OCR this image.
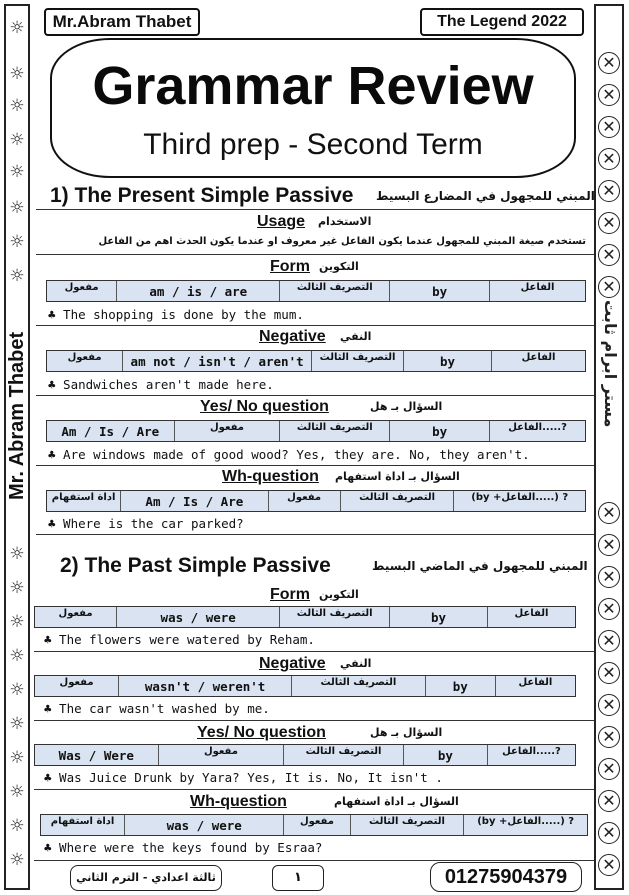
☼
☼
☼
☼
☼
☼
☼
☼
☼
☼
☼
☼
☼
☼
☼
☼
☼
☼
✕
✕
✕
✕
✕
✕
✕
✕
✕
✕
✕
✕
✕
✕
✕
✕
✕
✕
✕
✕
مستر ابرام ثابت
Mr.Abram Thabet	The Legend 2022
Grammar Review
Third prep - Second Term
1) The Present Simple Passive المبني للمجهول في المضارع البسيط
Usage الاستخدام
تستخدم صيغة المبني للمجهول عندما يكون الفاعل غير معروف او عندما يكون الحدث اهم من الفاعل
Form التكوين
مفعول	am / is / are	التصريف الثالث	by	الفاعل
♣ The shopping is done by the mum.
Negative النفي
مفعول	am not / isn't / aren't	التصريف الثالث	by	الفاعل
♣ Sandwiches aren't made here.
Yes/ No question	السؤال بـ هل
Am / Is / Are	مفعول	التصريف الثالث	by	الفاعل.....?
♣ Are windows made of good wood? Yes, they are. No, they aren't.
Wh-question السؤال بـ اداة استفهام
اداة استفهام	Am / Is / Are	مفعول	التصريف الثالث	(by +الفاعل.....) ?
♣ Where is the car parked?
2) The Past Simple Passive	المبني للمجهول في الماضي البسيط
Form التكوين
مفعول	was / were	التصريف الثالث	by	الفاعل
♣ The flowers were watered by Reham.
Negative النفي
مفعول	wasn't / weren't	التصريف الثالث	by	الفاعل
♣ The car wasn't washed by me.
Yes/ No question	السؤال بـ هل
Was / Were	مفعول	التصريف الثالث	by	الفاعل.....?
♣ Was Juice Drunk by Yara? Yes, It is. No, It isn't .
Wh-question	السؤال بـ اداة استفهام
اداة استفهام	was / were	مفعول	التصريف الثالث	(by +الفاعل.....) ?
♣ Where were the keys found by Esraa?
ثالثة اعدادي - الترم الثاني	١	01275904379
